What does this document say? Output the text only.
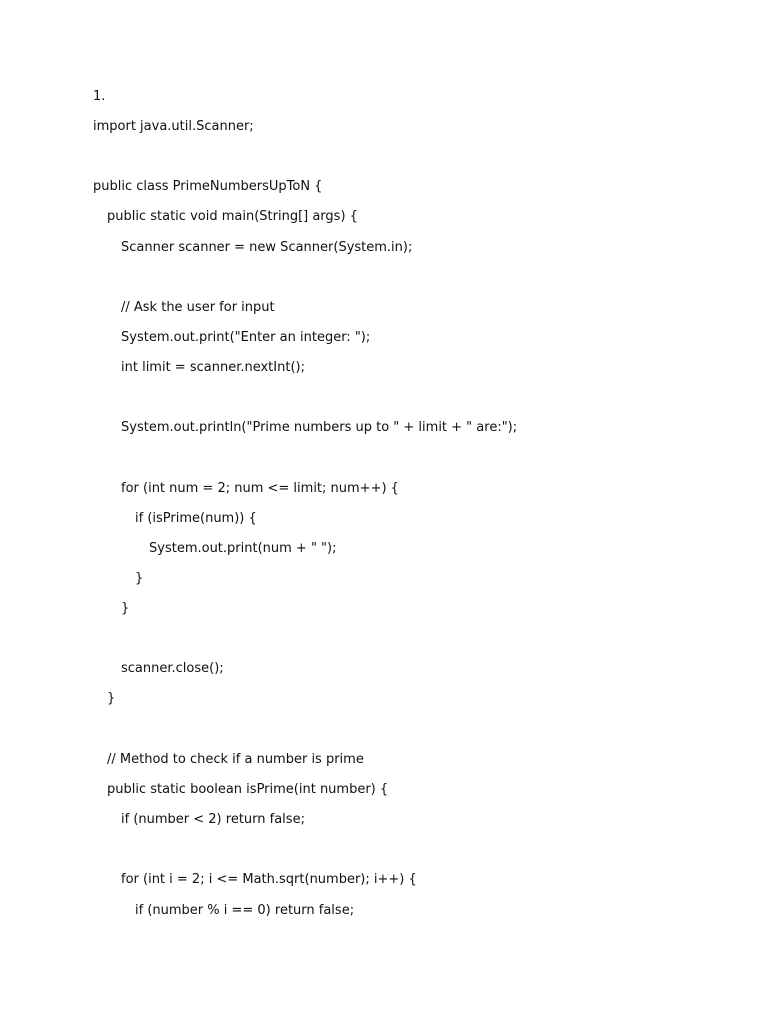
1.
import java.util.Scanner;
public class PrimeNumbersUpToN {
public static void main(String[] args) {
Scanner scanner = new Scanner(System.in);
// Ask the user for input
System.out.print("Enter an integer: ");
int limit = scanner.nextInt();
System.out.println("Prime numbers up to " + limit + " are:");
for (int num = 2; num <= limit; num++) {
if (isPrime(num)) {
System.out.print(num + " ");
}
}
scanner.close();
}
// Method to check if a number is prime
public static boolean isPrime(int number) {
if (number < 2) return false;
for (int i = 2; i <= Math.sqrt(number); i++) {
if (number % i == 0) return false;
